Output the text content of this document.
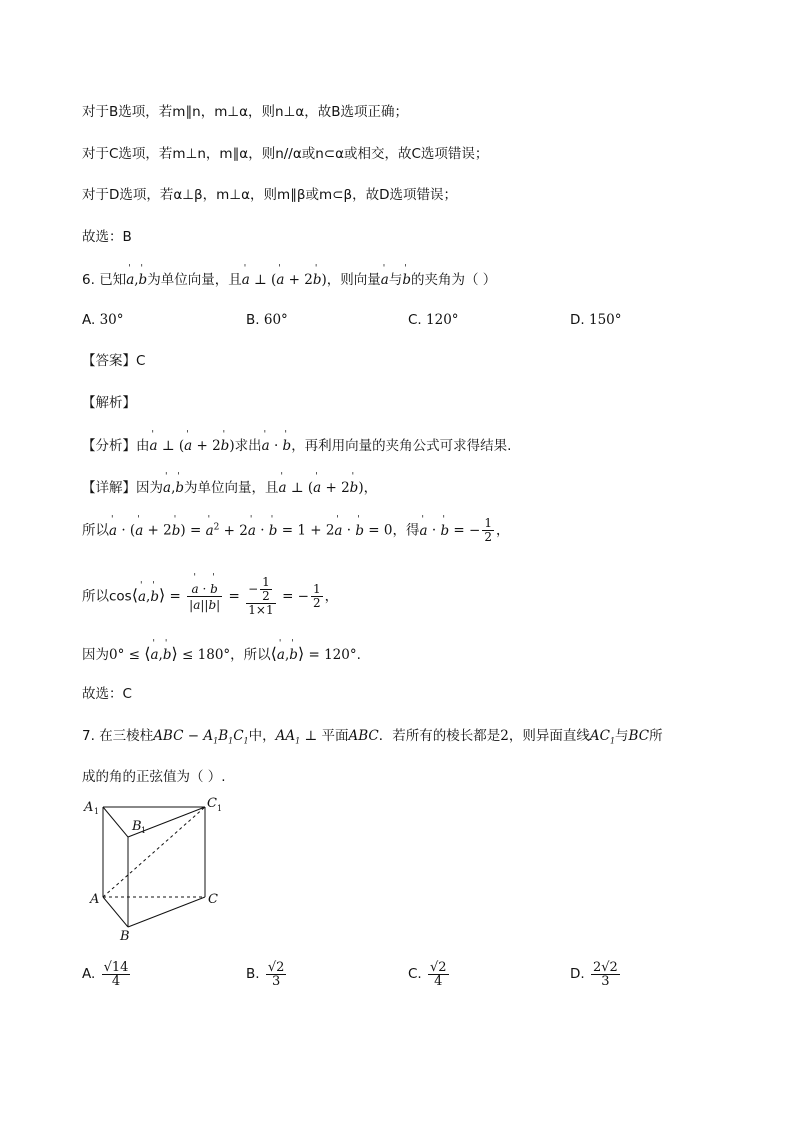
对于B选项，若m∥n，m⊥α，则n⊥α，故B选项正确；
对于C选项，若m⊥n，m∥α，则n//α或n⊂α或相交，故C选项错误；
对于D选项，若α⊥β，m⊥α，则m∥β或m⊂β，故D选项错误；
故选：B
6. 已知' a,' b为单位向量，且' a ⊥ (' a + 2' b)，则向量' a与' b的夹角为（ ）
A. 30°	B. 60°	C. 120°	D. 150°
【答案】C
【解析】
【分析】由' a ⊥ (' a + 2' b)求出' a · ' b，再利用向量的夹角公式可求得结果.
【详解】因为' a,' b为单位向量，且' a ⊥ (' a + 2' b)，
所以' a · (' a + 2' b) = ' $a^2 + 2'$ a · ' b = 1 + 2' a · ' b = 0，得' a · ' b = − $\frac{1}{2}$ ，
所以cos⟨' a,' b⟩ =
' $\frac{a \cdot ' b}{|' a||' b|} = \frac{- \frac{1}{2}}{1\times 1}$ = − $\frac{1}{2}$ ，
因为0° ≤ ⟨' a,' b⟩ ≤ 180°，所以⟨' a,' b⟩ = 120°.
故选：C
7. 在三棱柱ABC − $A_1B_1C_1$中，$AA_1$ ⊥ 平面ABC．若所有的棱长都是2，则异面直线$AC_1$与BC所
成的角的正弦值为（ ）.
A 1
B 1
C 1
A	C
B
A. $\frac{√14}{4}$	B. $\frac{√2}{3}$	C. $\frac{√2}{4}$	D. $\frac{2√2}{3}$
